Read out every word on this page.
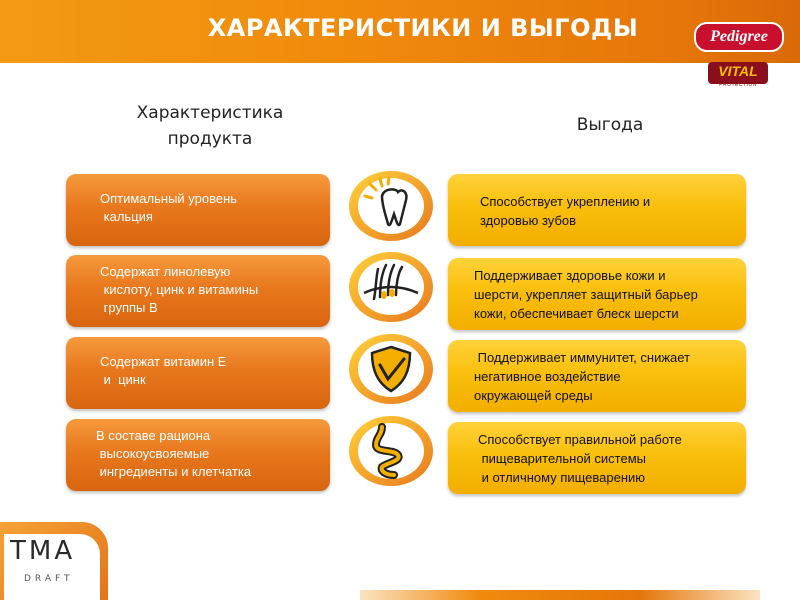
ХАРАКТЕРИСТИКИ И ВЫГОДЫ	Pedigree
VITAL
PROTECTION
Характеристика
продукта
Выгода
Оптимальный уровень
кальция
Способствует укреплению и
здоровью зубов
Содержат линолевую
кислоту, цинк и витамины
группы В
Поддерживает здоровье кожи и
шерсти, укрепляет защитный барьер
кожи, обеспечивает блеск шерсти
Содержат витамин Е
и  цинк
Поддерживает иммунитет, снижает
негативное воздействие
окружающей среды
В составе рациона
высокоусвояемые
ингредиенты и клетчатка
Способствует правильной работе
пищеварительной системы
и отличному пищеварению
TMA
DRAFT
